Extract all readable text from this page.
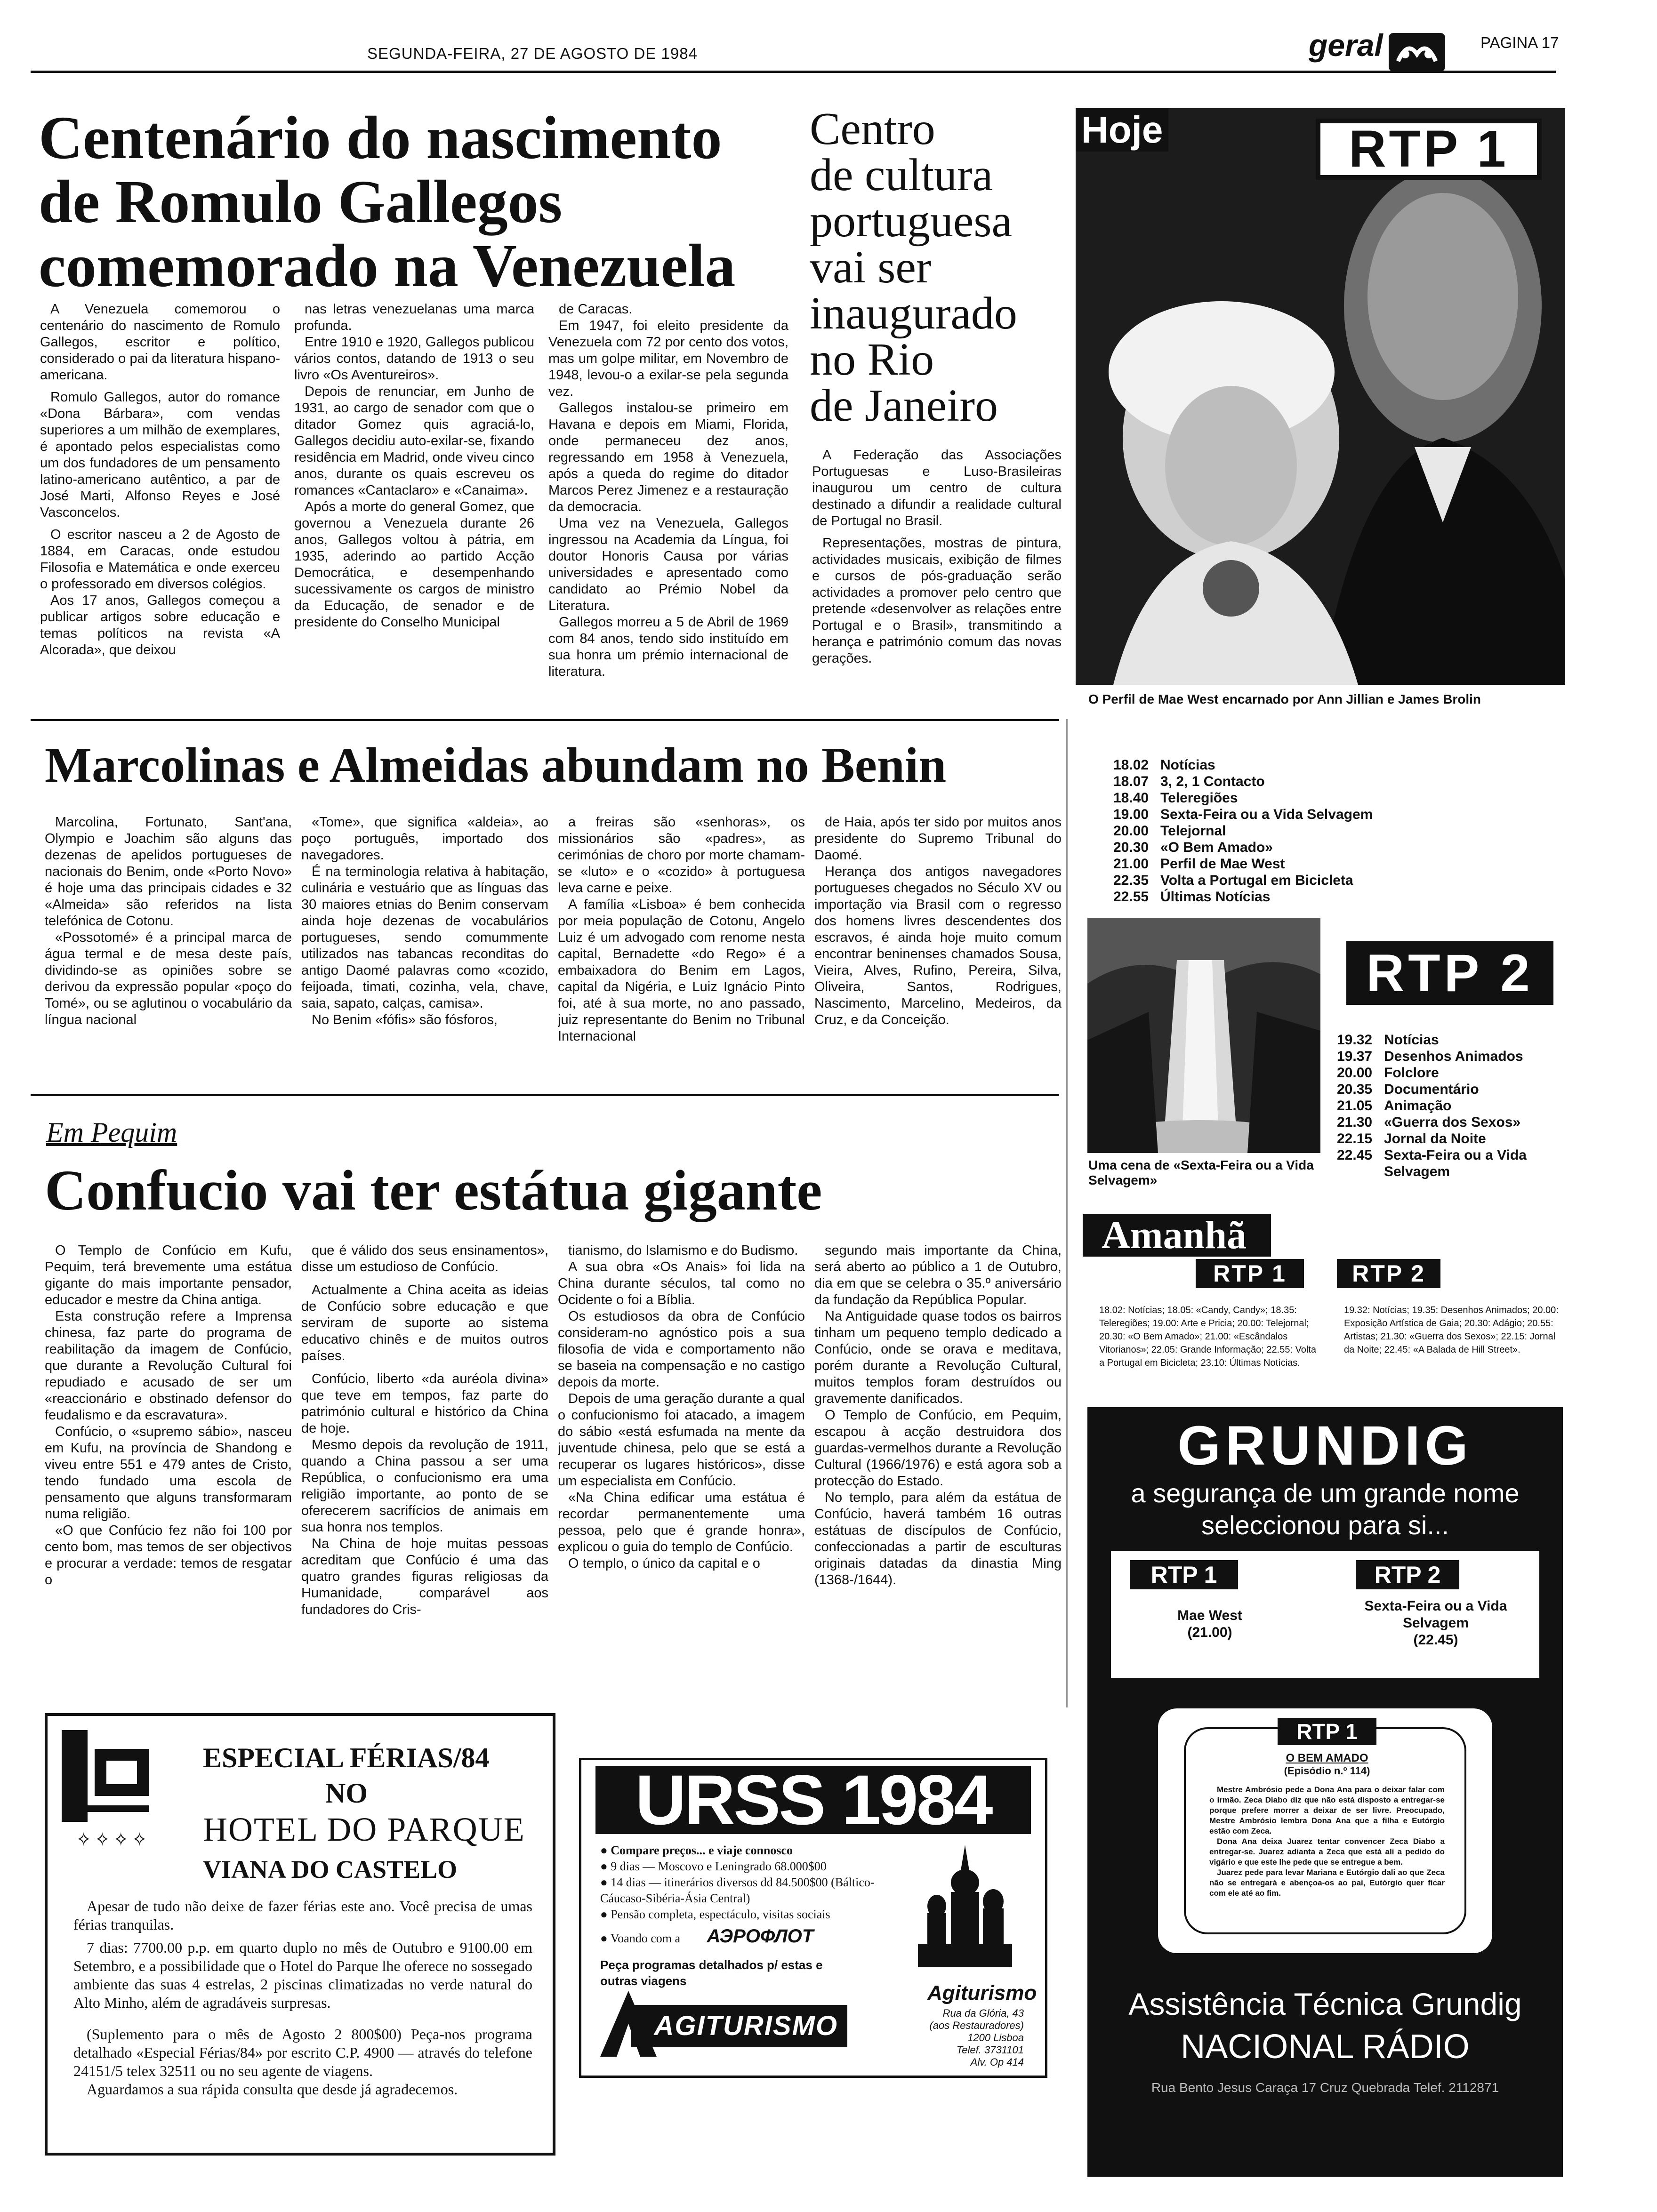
SEGUNDA-FEIRA, 27 DE AGOSTO DE 1984	geral	PAGINA 17
Centenário do nascimento
de Romulo Gallegos
comemorado na Venezuela

A Venezuela comemorou o centenário do nascimento de Romulo Gallegos, escritor e político, considerado o pai da literatura hispano-americana.

Romulo Gallegos, autor do romance «Dona Bárbara», com vendas superiores a um milhão de exemplares, é apontado pelos especialistas como um dos fundadores de um pensamento latino-americano autêntico, a par de José Marti, Alfonso Reyes e José Vasconcelos.

O escritor nasceu a 2 de Agosto de 1884, em Caracas, onde estudou Filosofia e Matemática e onde exerceu o professorado em diversos colégios.

Aos 17 anos, Gallegos começou a publicar artigos sobre educação e temas políticos na revista «A Alcorada», que deixou

nas letras venezuelanas uma marca profunda.

Entre 1910 e 1920, Gallegos publicou vários contos, datando de 1913 o seu livro «Os Aventureiros».

Depois de renunciar, em Junho de 1931, ao cargo de senador com que o ditador Gomez quis agraciá-lo, Gallegos decidiu auto-exilar-se, fixando residência em Madrid, onde viveu cinco anos, durante os quais escreveu os romances «Cantaclaro» e «Canaima».

Após a morte do general Gomez, que governou a Venezuela durante 26 anos, Gallegos voltou à pátria, em 1935, aderindo ao partido Acção Democrática, e desempenhando sucessivamente os cargos de ministro da Educação, de senador e de presidente do Conselho Municipal

de Caracas.

Em 1947, foi eleito presidente da Venezuela com 72 por cento dos votos, mas um golpe militar, em Novembro de 1948, levou-o a exilar-se pela segunda vez.

Gallegos instalou-se primeiro em Havana e depois em Miami, Florida, onde permaneceu dez anos, regressando em 1958 à Venezuela, após a queda do regime do ditador Marcos Perez Jimenez e a restauração da democracia.

Uma vez na Venezuela, Gallegos ingressou na Academia da Língua, foi doutor Honoris Causa por várias universidades e apresentado como candidato ao Prémio Nobel da Literatura.

Gallegos morreu a 5 de Abril de 1969 com 84 anos, tendo sido instituído em sua honra um prémio internacional de literatura.

Centro
de cultura
portuguesa
vai ser
inaugurado
no Rio
de Janeiro

A Federação das Associações Portuguesas e Luso-Brasileiras inaugurou um centro de cultura destinado a difundir a realidade cultural de Portugal no Brasil.

Representações, mostras de pintura, actividades musicais, exibição de filmes e cursos de pós-graduação serão actividades a promover pelo centro que pretende «desenvolver as relações entre Portugal e o Brasil», transmitindo a herança e património comum das novas gerações.

Marcolinas e Almeidas abundam no Benin

Marcolina, Fortunato, Sant'ana, Olympio e Joachim são alguns das dezenas de apelidos portugueses de nacionais do Benim, onde «Porto Novo» é hoje uma das principais cidades e 32 «Almeida» são referidos na lista telefónica de Cotonu.

«Possotomé» é a principal marca de água termal e de mesa deste país, dividindo-se as opiniões sobre se derivou da expressão popular «poço do Tomé», ou se aglutinou o vocabulário da língua nacional

«Tome», que significa «aldeia», ao poço português, importado dos navegadores.

É na terminologia relativa à habitação, culinária e vestuário que as línguas das 30 maiores etnias do Benim conservam ainda hoje dezenas de vocabulários portugueses, sendo comummente utilizados nas tabancas reconditas do antigo Daomé palavras como «cozido, feijoada, timati, cozinha, vela, chave, saia, sapato, calças, camisa».

No Benim «fófis» são fósforos,

a freiras são «senhoras», os missionários são «padres», as cerimónias de choro por morte chamam-se «luto» e o «cozido» à portuguesa leva carne e peixe.

A família «Lisboa» é bem conhecida por meia população de Cotonu, Angelo Luiz é um advogado com renome nesta capital, Bernadette «do Rego» é a embaixadora do Benim em Lagos, capital da Nigéria, e Luiz Ignácio Pinto foi, até à sua morte, no ano passado, juiz representante do Benim no Tribunal Internacional

de Haia, após ter sido por muitos anos presidente do Supremo Tribunal do Daomé.

Herança dos antigos navegadores portugueses chegados no Século XV ou importação via Brasil com o regresso dos homens livres descendentes dos escravos, é ainda hoje muito comum encontrar beninenses chamados Sousa, Vieira, Alves, Rufino, Pereira, Silva, Oliveira, Santos, Rodrigues, Nascimento, Marcelino, Medeiros, da Cruz, e da Conceição.

Em Pequim
Confucio vai ter estátua gigante

O Templo de Confúcio em Kufu, Pequim, terá brevemente uma estátua gigante do mais importante pensador, educador e mestre da China antiga.

Esta construção refere a Imprensa chinesa, faz parte do programa de reabilitação da imagem de Confúcio, que durante a Revolução Cultural foi repudiado e acusado de ser um «reaccionário e obstinado defensor do feudalismo e da escravatura».

Confúcio, o «supremo sábio», nasceu em Kufu, na província de Shandong e viveu entre 551 e 479 antes de Cristo, tendo fundado uma escola de pensamento que alguns transformaram numa religião.

«O que Confúcio fez não foi 100 por cento bom, mas temos de ser objectivos e procurar a verdade: temos de resgatar o

que é válido dos seus ensinamentos», disse um estudioso de Confúcio.

Actualmente a China aceita as ideias de Confúcio sobre educação e que serviram de suporte ao sistema educativo chinês e de muitos outros países.

Confúcio, liberto «da auréola divina» que teve em tempos, faz parte do património cultural e histórico da China de hoje.

Mesmo depois da revolução de 1911, quando a China passou a ser uma República, o confucionismo era uma religião importante, ao ponto de se oferecerem sacrifícios de animais em sua honra nos templos.

Na China de hoje muitas pessoas acreditam que Confúcio é uma das quatro grandes figuras religiosas da Humanidade, comparável aos fundadores do Cris-

tianismo, do Islamismo e do Budismo.

A sua obra «Os Anais» foi lida na China durante séculos, tal como no Ocidente o foi a Bíblia.

Os estudiosos da obra de Confúcio consideram-no agnóstico pois a sua filosofia de vida e comportamento não se baseia na compensação e no castigo depois da morte.

Depois de uma geração durante a qual o confucionismo foi atacado, a imagem do sábio «está esfumada na mente da juventude chinesa, pelo que se está a recuperar os lugares históricos», disse um especialista em Confúcio.

«Na China edificar uma estátua é recordar permanentemente uma pessoa, pelo que é grande honra», explicou o guia do templo de Confúcio.

O templo, o único da capital e o

segundo mais importante da China, será aberto ao público a 1 de Outubro, dia em que se celebra o 35.º aniversário da fundação da República Popular.

Na Antiguidade quase todos os bairros tinham um pequeno templo dedicado a Confúcio, onde se orava e meditava, porém durante a Revolução Cultural, muitos templos foram destruídos ou gravemente danificados.

O Templo de Confúcio, em Pequim, escapou à acção destruidora dos guardas-vermelhos durante a Revolução Cultural (1966/1976) e está agora sob a protecção do Estado.

No templo, para além da estátua de Confúcio, haverá também 16 outras estátuas de discípulos de Confúcio, confeccionadas a partir de esculturas originais datadas da dinastia Ming (1368-/1644).

ESPECIAL FÉRIAS/84
NO
HOTEL DO PARQUE
✧✧✧✧
VIANA DO CASTELO

Apesar de tudo não deixe de fazer férias este ano. Você precisa de umas férias tranquilas.

7 dias: 7700.00 p.p. em quarto duplo no mês de Outubro e 9100.00 em Setembro, e a possibilidade que o Hotel do Parque lhe oferece no sossegado ambiente das suas 4 estrelas, 2 piscinas climatizadas no verde natural do Alto Minho, além de agradáveis surpresas.

(Suplemento para o mês de Agosto 2 800$00) Peça-nos programa detalhado «Especial Férias/84» por escrito C.P. 4900 — através do telefone 24151/5 telex 32511 ou no seu agente de viagens.

Aguardamos a sua rápida consulta que desde já agradecemos.

URSS 1984
● Compare preços... e viaje connosco
● 9 dias — Moscovo e Leningrado 68.000$00
● 14 dias — itinerários diversos dd 84.500$00 (Báltico-Cáucaso-Sibéria-Ásia Central)
● Pensão completa, espectáculo, visitas sociais
● Voando com a АЭРОФЛОТ
Peça programas detalhados p/ estas e outras viagens
AGITURISMO
Agiturismo
Rua da Glória, 43
(aos Restauradores)
1200 Lisboa
Telef. 3731101
Alv. Op 414
Hoje	RTP 1
O Perfil de Mae West encarnado por Ann Jillian e James Brolin
18.02 Notícias
18.07 3, 2, 1 Contacto
18.40 Teleregiões
19.00 Sexta-Feira ou a Vida Selvagem
20.00 Telejornal
20.30 «O Bem Amado»
21.00 Perfil de Mae West
22.35 Volta a Portugal em Bicicleta
22.55 Últimas Notícias
Uma cena de «Sexta-Feira ou a Vida Selvagem»
RTP 2
19.32 Notícias
19.37 Desenhos Animados
20.00 Folclore
20.35 Documentário
21.05 Animação
21.30 «Guerra dos Sexos»
22.15 Jornal da Noite
22.45 Sexta-Feira ou a Vida Selvagem
Amanhã
RTP 1	RTP 2
18.02: Notícias; 18.05: «Candy, Candy»; 18.35: Teleregiões; 19.00: Arte e Pricia; 20.00: Telejornal; 20.30: «O Bem Amado»; 21.00: «Escândalos Vitorianos»; 22.05: Grande Informação; 22.55: Volta a Portugal em Bicicleta; 23.10: Últimas Notícias.
19.32: Notícias; 19.35: Desenhos Animados; 20.00: Exposição Artística de Gaia; 20.30: Adágio; 20.55: Artistas; 21.30: «Guerra dos Sexos»; 22.15: Jornal da Noite; 22.45: «A Balada de Hill Street».
GRUNDIG
a segurança de um grande nome
seleccionou para si...
RTP 1	RTP 2
Mae West
(21.00)
Sexta-Feira ou a Vida Selvagem
(22.45)
RTP 1
O BEM AMADO
(Episódio n.º 114)

Mestre Ambrósio pede a Dona Ana para o deixar falar com o irmão. Zeca Diabo diz que não está disposto a entregar-se porque prefere morrer a deixar de ser livre. Preocupado, Mestre Ambrósio lembra Dona Ana que a filha e Eutórgio estão com Zeca.

Dona Ana deixa Juarez tentar convencer Zeca Diabo a entregar-se. Juarez adianta a Zeca que está ali a pedido do vigário e que este lhe pede que se entregue a bem.

Juarez pede para levar Mariana e Eutórgio dali ao que Zeca não se entregará e abençoa-os ao pai, Eutórgio quer ficar com ele até ao fim.

Assistência Técnica Grundig
NACIONAL RÁDIO
Rua Bento Jesus Caraça 17 Cruz Quebrada Telef. 2112871
